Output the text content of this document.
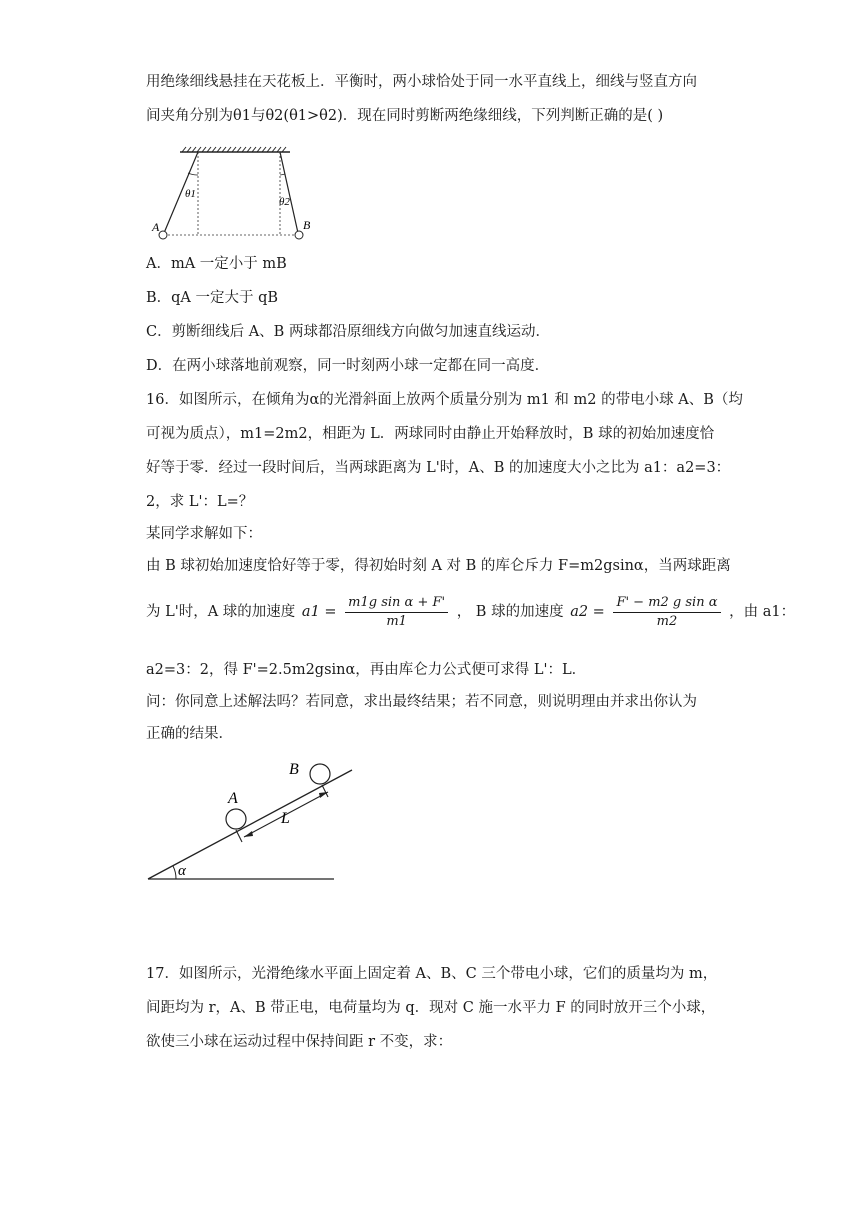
用绝缘细线悬挂在天花板上．平衡时，两小球恰处于同一水平直线上，细线与竖直方向
间夹角分别为θ1与θ2(θ1>θ2)．现在同时剪断两绝缘细线，下列判断正确的是( )
θ1
θ2
A	B
A．mA 一定小于 mB
B．qA 一定大于 qB
C．剪断细线后 A、B 两球都沿原细线方向做匀加速直线运动．
D．在两小球落地前观察，同一时刻两小球一定都在同一高度．
16．如图所示，在倾角为α的光滑斜面上放两个质量分别为 m1 和 m2 的带电小球 A、B（均
可视为质点），m1=2m2，相距为 L．两球同时由静止开始释放时，B 球的初始加速度恰
好等于零．经过一段时间后，当两球距离为 L'时，A、B 的加速度大小之比为 a1：a2=3：
2，求 L'：L=？
某同学求解如下：
由 B 球初始加速度恰好等于零，得初始时刻 A 对 B 的库仑斥力 F=m2gsinα，当两球距离
为 L'时，A 球的加速度 $a1 = \frac{\text{m1g sin α + F'}}{m1}$ ， B 球的加速度 $a2 = \frac{\text{F' − m2 g sin α}}{m2}$ ，由 a1：
a2=3：2，得 F'=2.5m2gsinα，再由库仑力公式便可求得 L'：L．
问：你同意上述解法吗？若同意，求出最终结果；若不同意，则说明理由并求出你认为
正确的结果．
A
B
L
α
17．如图所示，光滑绝缘水平面上固定着 A、B、C 三个带电小球，它们的质量均为 m，
间距均为 r，A、B 带正电，电荷量均为 q．现对 C 施一水平力 F 的同时放开三个小球，
欲使三小球在运动过程中保持间距 r 不变，求：
